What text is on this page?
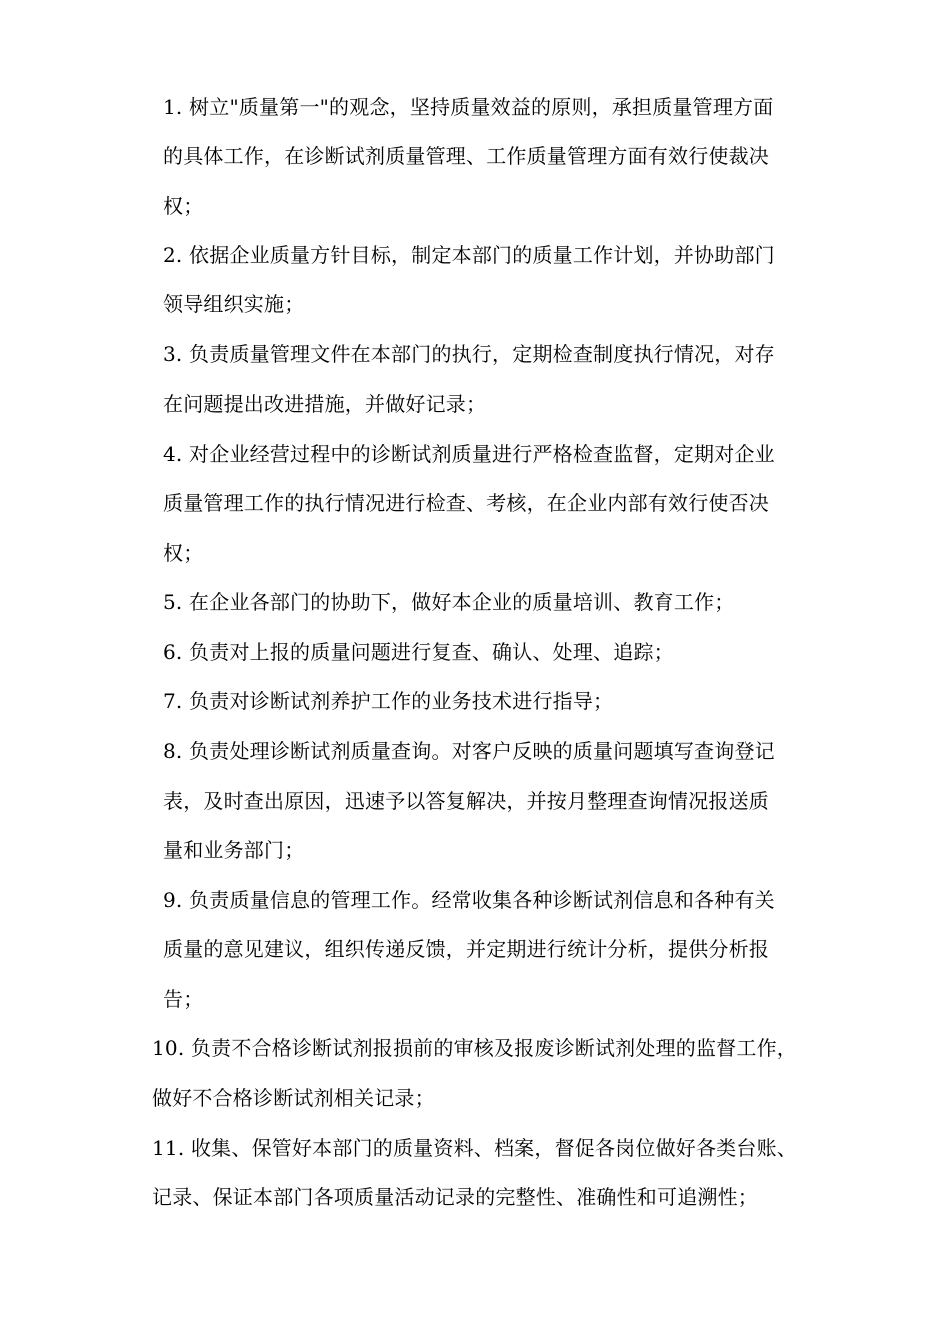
1. 树立"质量第一"的观念，坚持质量效益的原则，承担质量管理方面
的具体工作，在诊断试剂质量管理、工作质量管理方面有效行使裁决
权；
2. 依据企业质量方针目标，制定本部门的质量工作计划，并协助部门
领导组织实施；
3. 负责质量管理文件在本部门的执行，定期检查制度执行情况，对存
在问题提出改进措施，并做好记录；
4. 对企业经营过程中的诊断试剂质量进行严格检查监督，定期对企业
质量管理工作的执行情况进行检查、考核，在企业内部有效行使否决
权；
5. 在企业各部门的协助下，做好本企业的质量培训、教育工作；
6. 负责对上报的质量问题进行复查、确认、处理、追踪；
7. 负责对诊断试剂养护工作的业务技术进行指导；
8. 负责处理诊断试剂质量查询。对客户反映的质量问题填写查询登记
表，及时查出原因，迅速予以答复解决，并按月整理查询情况报送质
量和业务部门；
9. 负责质量信息的管理工作。经常收集各种诊断试剂信息和各种有关
质量的意见建议，组织传递反馈，并定期进行统计分析，提供分析报
告；
10. 负责不合格诊断试剂报损前的审核及报废诊断试剂处理的监督工作，
做好不合格诊断试剂相关记录；
11. 收集、保管好本部门的质量资料、档案，督促各岗位做好各类台账、
记录、保证本部门各项质量活动记录的完整性、准确性和可追溯性；
